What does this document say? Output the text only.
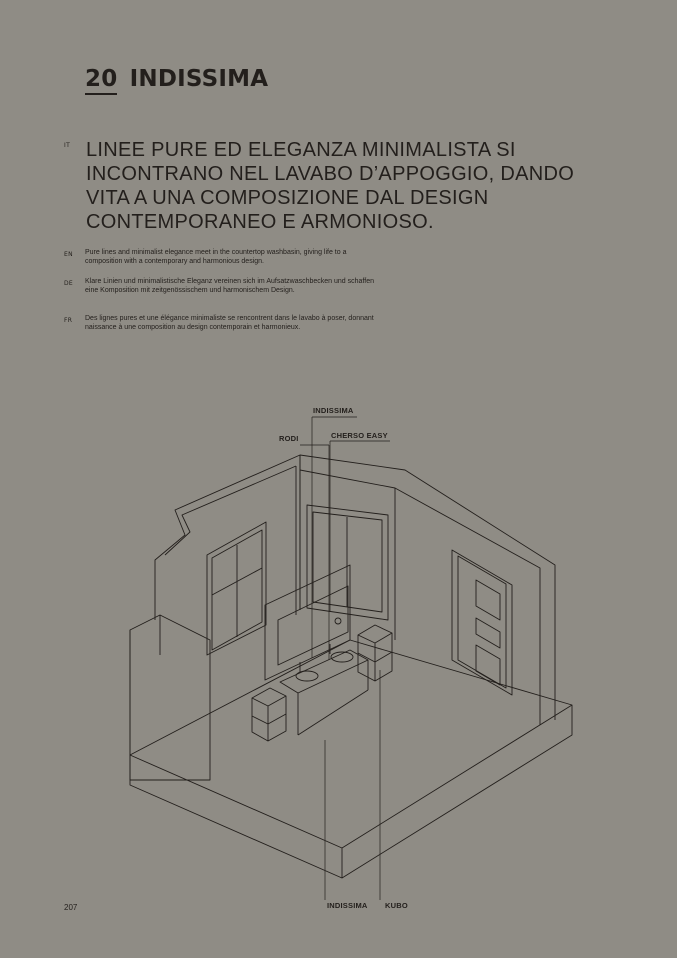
20 INDISSIMA
IT LINEE PURE ED ELEGANZA MINIMALISTA SI INCONTRANO NEL LAVABO D’APPOGGIO, DANDO VITA A UNA COMPOSIZIONE DAL DESIGN CONTEMPORANEO E ARMONIOSO.
EN Pure lines and minimalist elegance meet in the countertop washbasin, giving life to a composition with a contemporary and harmonious design.
DE Klare Linien und minimalistische Eleganz vereinen sich im Aufsatzwaschbecken und schaffen eine Komposition mit zeitgenössischem und harmonischem Design.
FR Des lignes pures et une élégance minimaliste se rencontrent dans le lavabo à poser, donnant naissance à une composition au design contemporain et harmonieux.
INDISSIMA
RODI	CHERSO EASY
INDISSIMA KUBO
207
